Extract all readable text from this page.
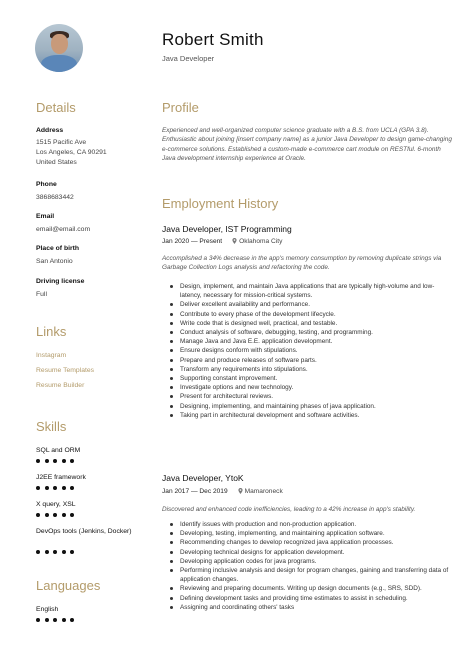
Details
Address
1515 Pacific Ave
Los Angeles, CA 90291
United States
Phone
3868683442
Email
email@email.com
Place of birth
San Antonio
Driving license
Full
Links
Instagram
Resume Templates
Resume Builder
Skills
SQL and ORM
J2EE framework
X query, XSL
DevOps tools (Jenkins, Docker)
Languages
English
Robert Smith
Java Developer
Profile
Experienced and well-organized computer science graduate with a B.S. from UCLA (GPA 3.8). Enthusiastic about joining [insert company name] as a junior Java Developer to design game-changing e-commerce solutions. Established a custom-made e-commerce cart module on RESTful. 6-month Java development internship experience at Oracle.
Employment History
Java Developer, IST Programming
Jan 2020 — Present	Oklahoma City
Accomplished a 34% decrease in the app's memory consumption by removing duplicate strings via Garbage Collection Logs analysis and refactoring the code.
Design, implement, and maintain Java applications that are typically high-volume and low-latency, necessary for mission-critical systems.
Deliver excellent availability and performance.
Contribute to every phase of the development lifecycle.
Write code that is designed well, practical, and testable.
Conduct analysis of software, debugging, testing, and programming.
Manage Java and Java E.E. application development.
Ensure designs conform with stipulations.
Prepare and produce releases of software parts.
Transform any requirements into stipulations.
Supporting constant improvement.
Investigate options and new technology.
Present for architectural reviews.
Designing, implementing, and maintaining phases of java application.
Taking part in architectural development and software activities.
Java Developer, YtoK
Jan 2017 — Dec 2019	Mamaroneck
Discovered and enhanced code inefficiencies, leading to a 42% increase in app's stability.
Identify issues with production and non-production application.
Developing, testing, implementing, and maintaining application software.
Recommending changes to develop recognized java application processes.
Developing technical designs for application development.
Developing application codes for java programs.
Performing inclusive analysis and design for program changes, gaining and transferring data of application changes.
Reviewing and preparing documents. Writing up design documents (e.g., SRS, SDD).
Defining development tasks and providing time estimates to assist in scheduling.
Assigning and coordinating others' tasks
